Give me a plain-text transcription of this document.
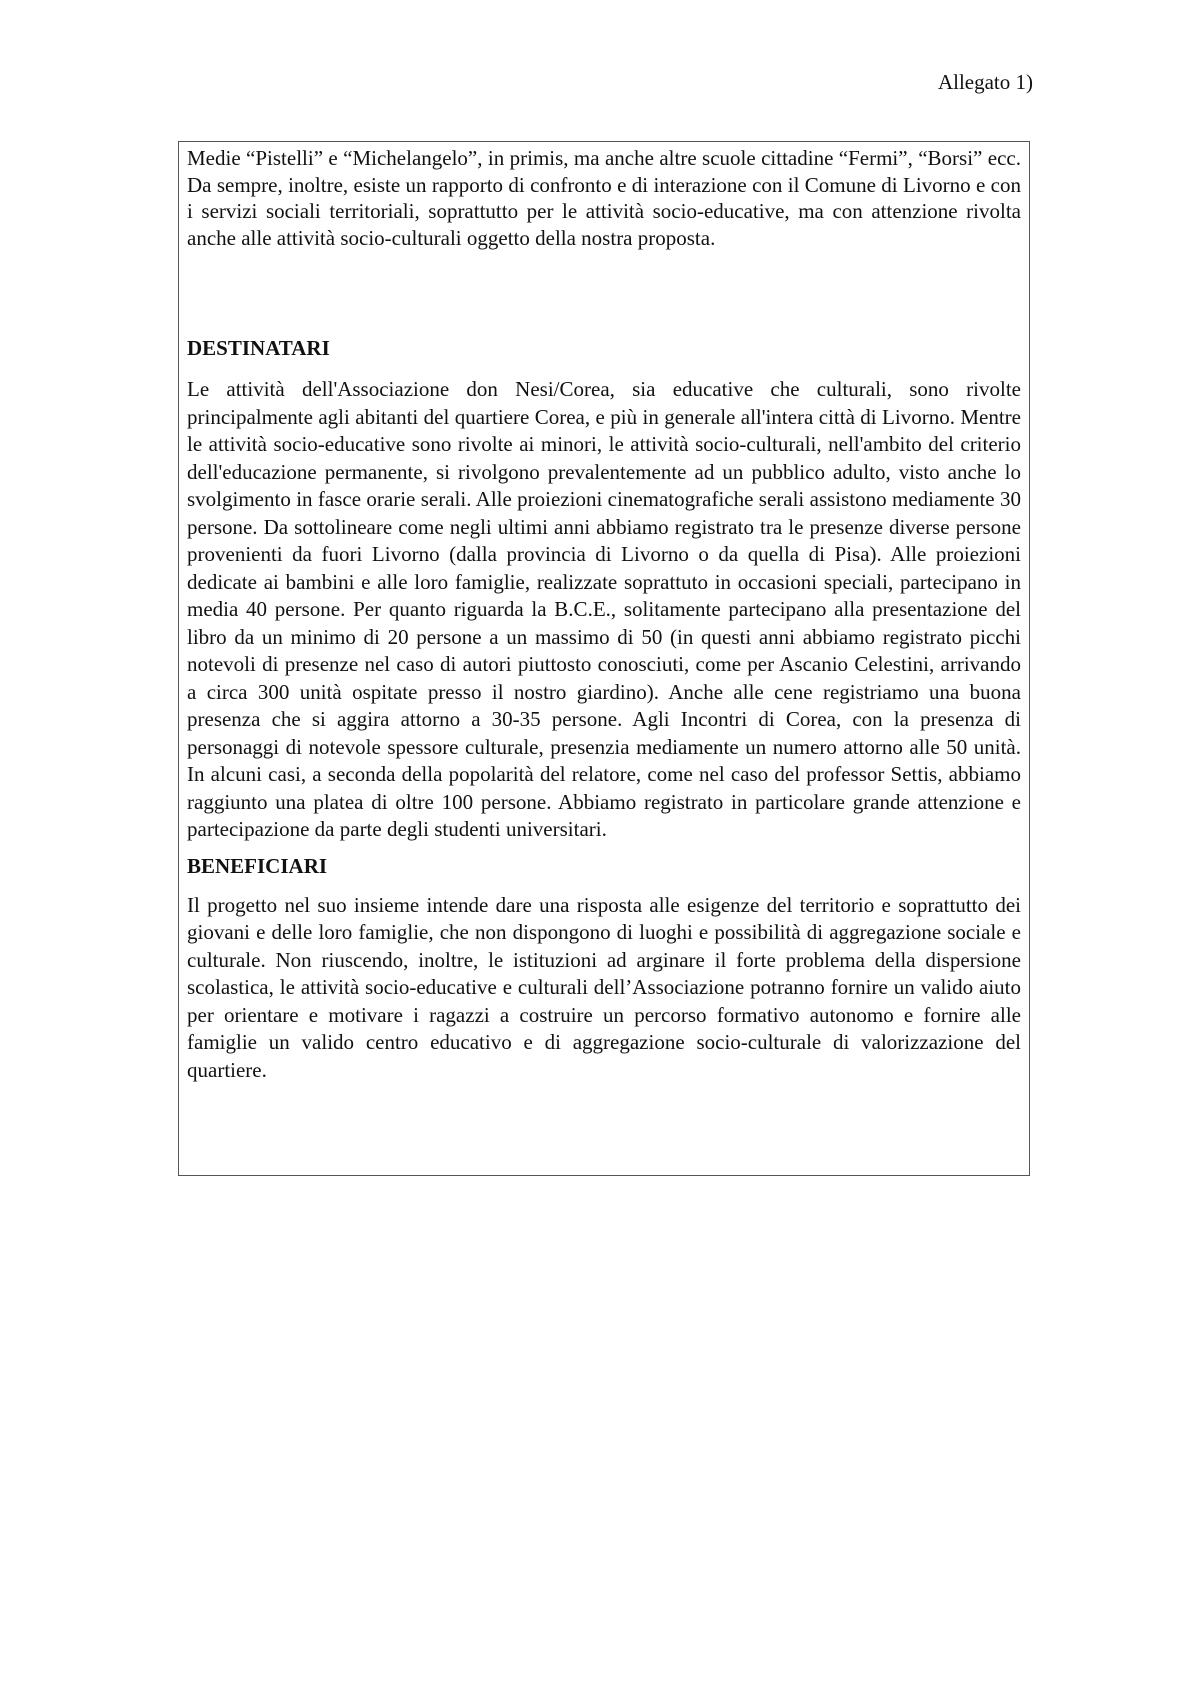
Allegato 1)

Medie “Pistelli” e “Michelangelo”, in primis, ma anche altre scuole cittadine “Fermi”, “Borsi” ecc. Da sempre, inoltre, esiste un rapporto di confronto e di interazione con il Comune di Livorno e con i servizi sociali territoriali, soprattutto per le attività socio-educative, ma con attenzione rivolta anche alle attività socio-culturali oggetto della nostra proposta.

DESTINATARI

Le attività dell'Associazione don Nesi/Corea, sia educative che culturali, sono rivolte principalmente agli abitanti del quartiere Corea, e più in generale all'intera città di Livorno. Mentre le attività socio-educative sono rivolte ai minori, le attività socio-culturali, nell'ambito del criterio dell'educazione permanente, si rivolgono prevalentemente ad un pubblico adulto, visto anche lo svolgimento in fasce orarie serali. Alle proiezioni cinematografiche serali assistono mediamente 30 persone. Da sottolineare come negli ultimi anni abbiamo registrato tra le presenze diverse persone provenienti da fuori Livorno (dalla provincia di Livorno o da quella di Pisa). Alle proiezioni dedicate ai bambini e alle loro famiglie, realizzate soprattuto in occasioni speciali, partecipano in media 40 persone. Per quanto riguarda la B.C.E., solitamente partecipano alla presentazione del libro da un minimo di 20 persone a un massimo di 50 (in questi anni abbiamo registrato picchi notevoli di presenze nel caso di autori piuttosto conosciuti, come per Ascanio Celestini, arrivando a circa 300 unità ospitate presso il nostro giardino). Anche alle cene registriamo una buona presenza che si aggira attorno a 30-35 persone. Agli Incontri di Corea, con la presenza di personaggi di notevole spessore culturale, presenzia mediamente un numero attorno alle 50 unità. In alcuni casi, a seconda della popolarità del relatore, come nel caso del professor Settis, abbiamo raggiunto una platea di oltre 100 persone. Abbiamo registrato in particolare grande attenzione e partecipazione da parte degli studenti universitari.

BENEFICIARI

Il progetto nel suo insieme intende dare una risposta alle esigenze del territorio e soprattutto dei giovani e delle loro famiglie, che non dispongono di luoghi e possibilità di aggregazione sociale e culturale. Non riuscendo, inoltre, le istituzioni ad arginare il forte problema della dispersione scolastica, le attività socio-educative e culturali dell’Associazione potranno fornire un valido aiuto per orientare e motivare i ragazzi a costruire un percorso formativo autonomo e fornire alle famiglie un valido centro educativo e di aggregazione socio-culturale di valorizzazione del quartiere.
